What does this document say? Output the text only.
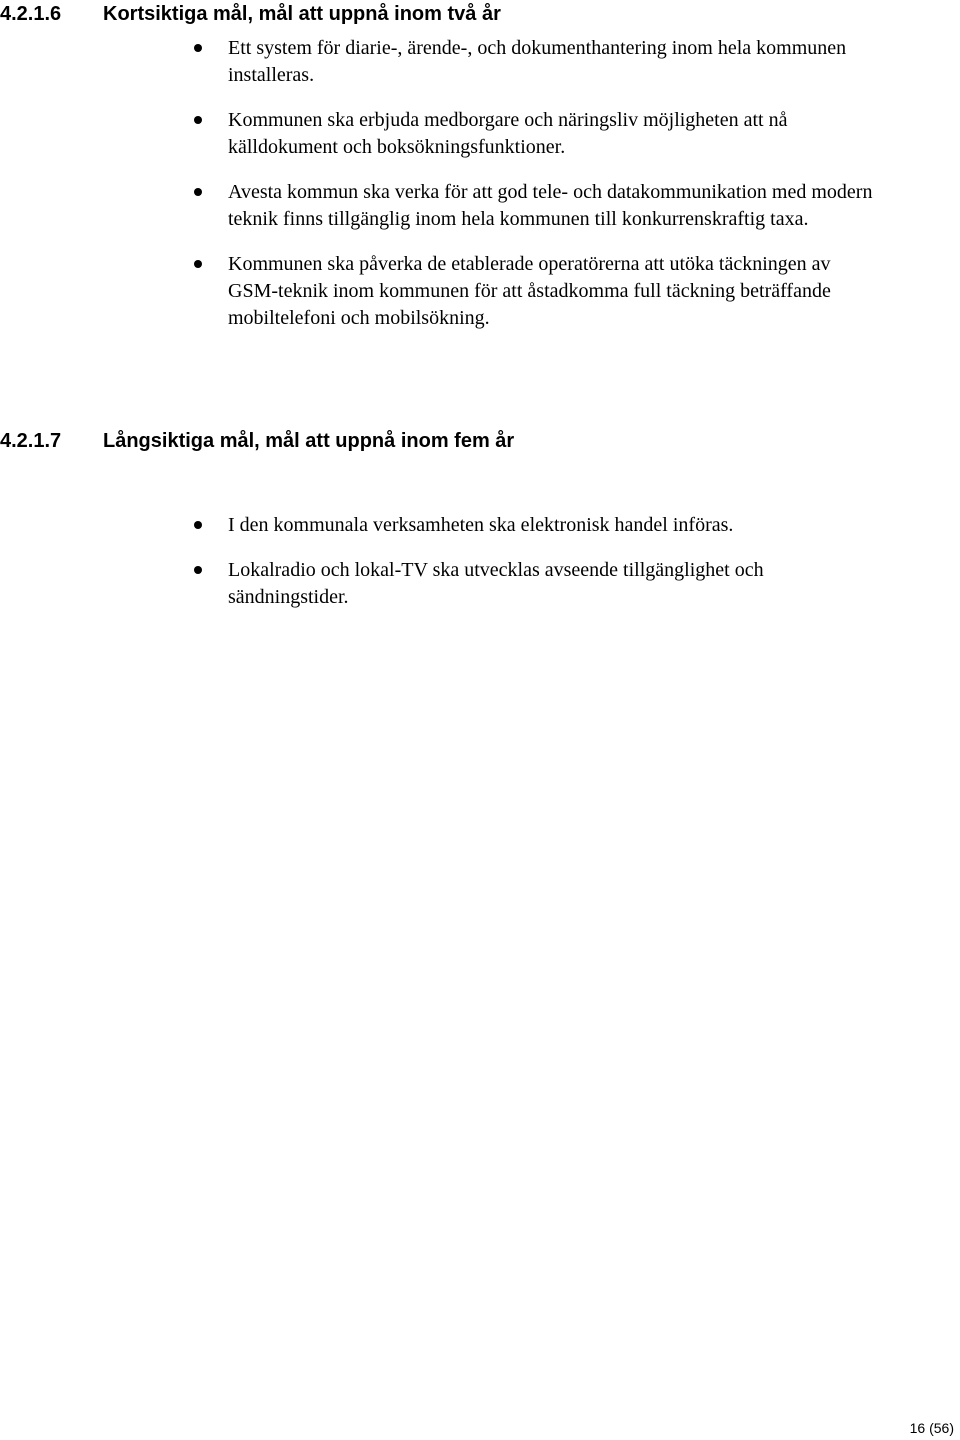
4.2.1.6 Kortsiktiga mål, mål att uppnå inom två år
Ett system för diarie-, ärende-, och dokumenthantering inom hela kommunen installeras.
Kommunen ska erbjuda medborgare och näringsliv möjligheten att nå källdokument och boksökningsfunktioner.
Avesta kommun ska verka för att god tele- och datakommunikation med modern teknik finns tillgänglig inom hela kommunen till konkurrenskraftig taxa.
Kommunen ska påverka de etablerade operatörerna att utöka täckningen av GSM-teknik inom kommunen för att åstadkomma full täckning beträffande mobiltelefoni och mobilsökning.
4.2.1.7 Långsiktiga mål, mål att uppnå inom fem år
I den kommunala verksamheten ska elektronisk handel införas.
Lokalradio och lokal-TV ska utvecklas avseende tillgänglighet och sändningstider.
16 (56)
